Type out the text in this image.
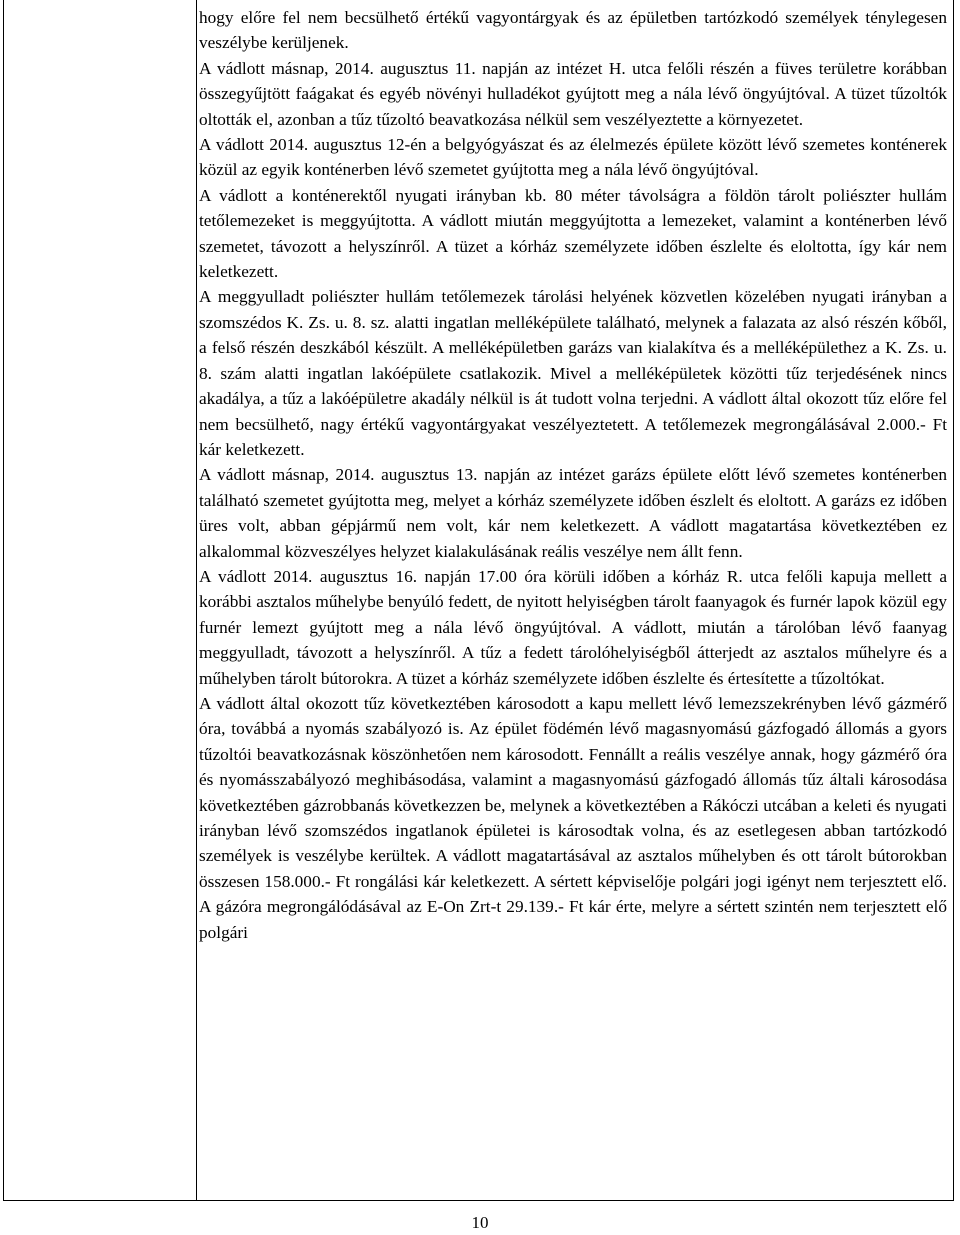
hogy előre fel nem becsülhető értékű vagyontárgyak és az épületben tartózkodó személyek ténylegesen veszélybe kerüljenek.

A vádlott másnap, 2014. augusztus 11. napján az intézet H. utca felőli részén a füves területre korábban összegyűjtött faágakat és egyéb növényi hulladékot gyújtott meg a nála lévő öngyújtóval. A tüzet tűzoltók oltották el, azonban a tűz tűzoltó beavatkozása nélkül sem veszélyeztette a környezetet.

A vádlott 2014. augusztus 12-én a belgyógyászat és az élelmezés épülete között lévő szemetes konténerek közül az egyik konténerben lévő szemetet gyújtotta meg a nála lévő öngyújtóval.

A vádlott a konténerektől nyugati irányban kb. 80 méter távolságra a földön tárolt poliészter hullám tetőlemezeket is meggyújtotta. A vádlott miután meggyújtotta a lemezeket, valamint a konténerben lévő szemetet, távozott a helyszínről. A tüzet a kórház személyzete időben észlelte és eloltotta, így kár nem keletkezett.

A meggyulladt poliészter hullám tetőlemezek tárolási helyének közvetlen közelében nyugati irányban a szomszédos K. Zs. u. 8. sz. alatti ingatlan melléképülete található, melynek a falazata az alsó részén kőből, a felső részén deszkából készült. A melléképületben garázs van kialakítva és a melléképülethez a K. Zs. u. 8. szám alatti ingatlan lakóépülete csatlakozik. Mivel a melléképületek közötti tűz terjedésének nincs akadálya, a tűz a lakóépületre akadály nélkül is át tudott volna terjedni. A vádlott által okozott tűz előre fel nem becsülhető, nagy értékű vagyontárgyakat veszélyeztetett. A tetőlemezek megrongálásával 2.000.- Ft kár keletkezett.

A vádlott másnap, 2014. augusztus 13. napján az intézet garázs épülete előtt lévő szemetes konténerben található szemetet gyújtotta meg, melyet a kórház személyzete időben észlelt és eloltott. A garázs ez időben üres volt, abban gépjármű nem volt, kár nem keletkezett. A vádlott magatartása következtében ez alkalommal közveszélyes helyzet kialakulásának reális veszélye nem állt fenn.

A vádlott 2014. augusztus 16. napján 17.00 óra körüli időben a kórház R. utca felőli kapuja mellett a korábbi asztalos műhelybe benyúló fedett, de nyitott helyiségben tárolt faanyagok és furnér lapok közül egy furnér lemezt gyújtott meg a nála lévő öngyújtóval. A vádlott, miután a tárolóban lévő faanyag meggyulladt, távozott a helyszínről. A tűz a fedett tárolóhelyiségből átterjedt az asztalos műhelyre és a műhelyben tárolt bútorokra. A tüzet a kórház személyzete időben észlelte és értesítette a tűzoltókat.

A vádlott által okozott tűz következtében károsodott a kapu mellett lévő lemezszekrényben lévő gázmérő óra, továbbá a nyomás szabályozó is. Az épület födémén lévő magasnyomású gázfogadó állomás a gyors tűzoltói beavatkozásnak köszönhetően nem károsodott. Fennállt a reális veszélye annak, hogy gázmérő óra és nyomásszabályozó meghibásodása, valamint a magasnyomású gázfogadó állomás tűz általi károsodása következtében gázrobbanás következzen be, melynek a következtében a Rákóczi utcában a keleti és nyugati irányban lévő szomszédos ingatlanok épületei is károsodtak volna, és az esetlegesen abban tartózkodó személyek is veszélybe kerültek. A vádlott magatartásával az asztalos műhelyben és ott tárolt bútorokban összesen 158.000.- Ft rongálási kár keletkezett. A sértett képviselője polgári jogi igényt nem terjesztett elő. A gázóra megrongálódásával az E-On Zrt-t 29.139.- Ft kár érte, melyre a sértett szintén nem terjesztett elő polgári

10
